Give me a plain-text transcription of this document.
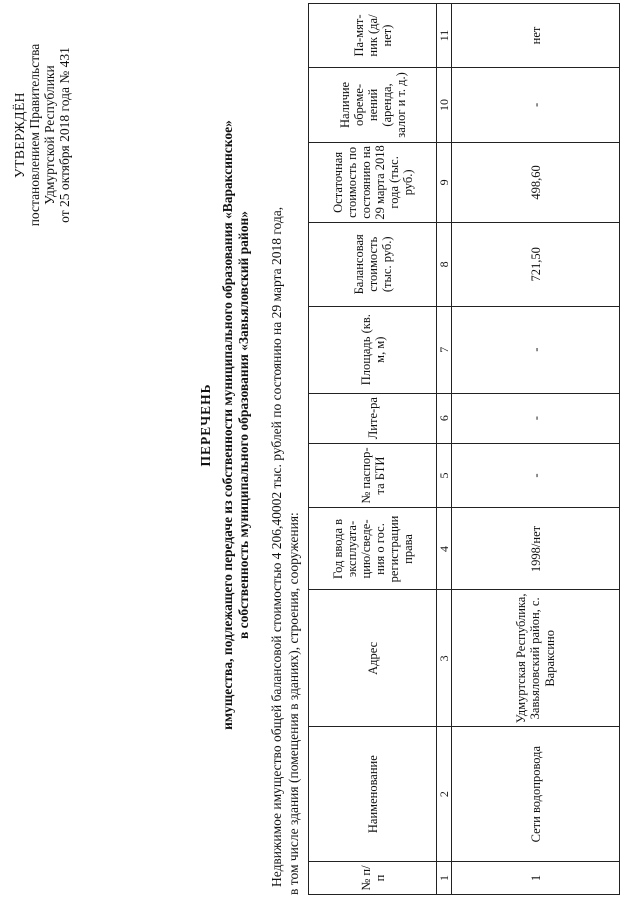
УТВЕРЖДЁН постановлением Правительства Удмуртской Республики от 25 октября 2018 года № 431
ПЕРЕЧЕНЬ имущества, подлежащего передаче из собственности муниципального образования «Вараксинское» в собственность муниципального образования «Завьяловский район» Недвижимое имущество общей балансовой стоимостью 4 206,40002 тыс. рублей по состоянию на 29 марта 2018 года, в том числе здания (помещения в зданиях), строения, сооружения:	№ п/п	Наименование	Адрес	Год ввода в эксплуата-цию/сведе-ния о гос. регистрации права	№ паспор-та БТИ	Лите-ра	Площадь (кв. м, м)	Балансовая стоимость (тыс. руб.)	Остаточная стоимость по состоянию на 29 марта 2018 года (тыс. руб.)	Наличие обреме-нений (аренда, залог и т. д.)	Па-мят-ник (да/ нет)
1	2	3	4	5	6	7	8	9	10	11
1	Сети водопровода	Удмуртская Республика, Завьяловский район, с. Вараксино	1998/нет	-	-	-	721,50	498,60	-	нет
